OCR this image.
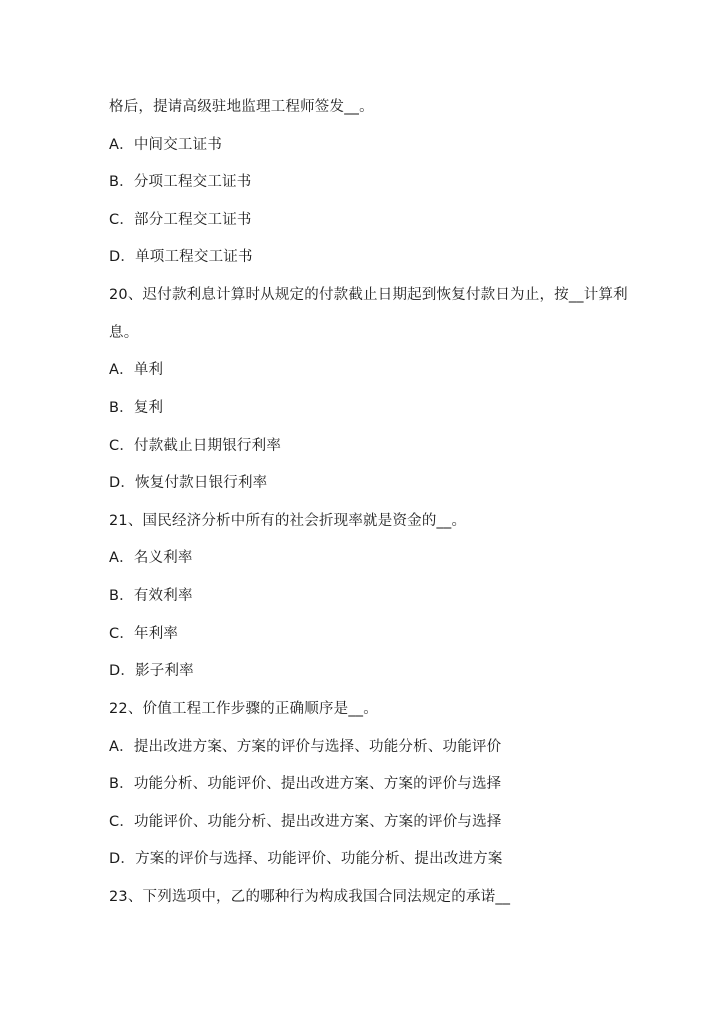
格后，提请高级驻地监理工程师签发__。
A．中间交工证书
B．分项工程交工证书
C．部分工程交工证书
D．单项工程交工证书
20、迟付款利息计算时从规定的付款截止日期起到恢复付款日为止，按__计算利
息。
A．单利
B．复利
C．付款截止日期银行利率
D．恢复付款日银行利率
21、国民经济分析中所有的社会折现率就是资金的__。
A．名义利率
B．有效利率
C．年利率
D．影子利率
22、价值工程工作步骤的正确顺序是__。
A．提出改进方案、方案的评价与选择、功能分析、功能评价
B．功能分析、功能评价、提出改进方案、方案的评价与选择
C．功能评价、功能分析、提出改进方案、方案的评价与选择
D．方案的评价与选择、功能评价、功能分析、提出改进方案
23、下列选项中，乙的哪种行为构成我国合同法规定的承诺__
